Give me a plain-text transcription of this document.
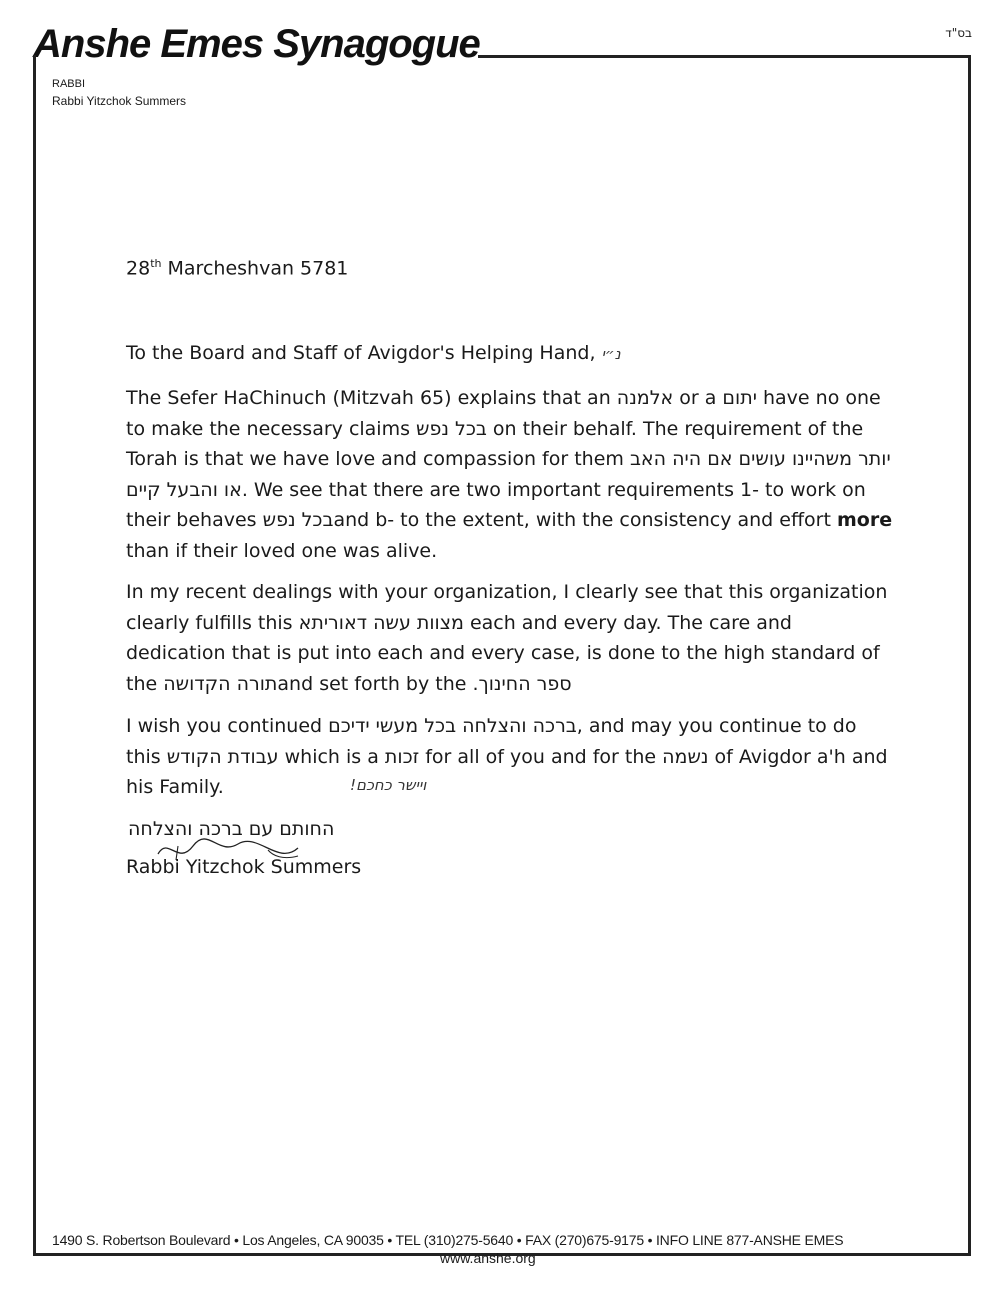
Anshe Emes Synagogue	בס"ד
RABBI
Rabbi Yitzchok Summers
28th Marcheshvan 5781
To the Board and Staff of Avigdor's Helping Hand, נ״י

The Sefer HaChinuch (Mitzvah 65) explains that an אלמנה or a יתום have no one to make the necessary claims בכל נפש on their behalf. The requirement of the Torah is that we have love and compassion for them יותר משהיינו עושים אם היה האב או והבעל קיים. We see that there are two important requirements 1- to work on their behaves בכל נפשand b- to the extent, with the consistency and effort more than if their loved one was alive.

In my recent dealings with your organization, I clearly see that this organization clearly fulfills this מצוות עשה דאוריתא each and every day. The care and dedication that is put into each and every case, is done to the high standard of the תורה הקדושהand set forth by the ספר החינוך.

I wish you continued ,ברכה והצלחה בכל מעשי ידיכם and may you continue to do this עבודת הקודש which is a זכות for all of you and for the נשמה of Avigdor a'h and his Family.	ויישר כחכם!
החותם עם ברכה והצלחה
Rabbi Yitzchok Summers
1490 S. Robertson Boulevard • Los Angeles, CA 90035 • TEL (310)275-5640 • FAX (270)675-9175 • INFO LINE 877-ANSHE EMES
www.anshe.org
